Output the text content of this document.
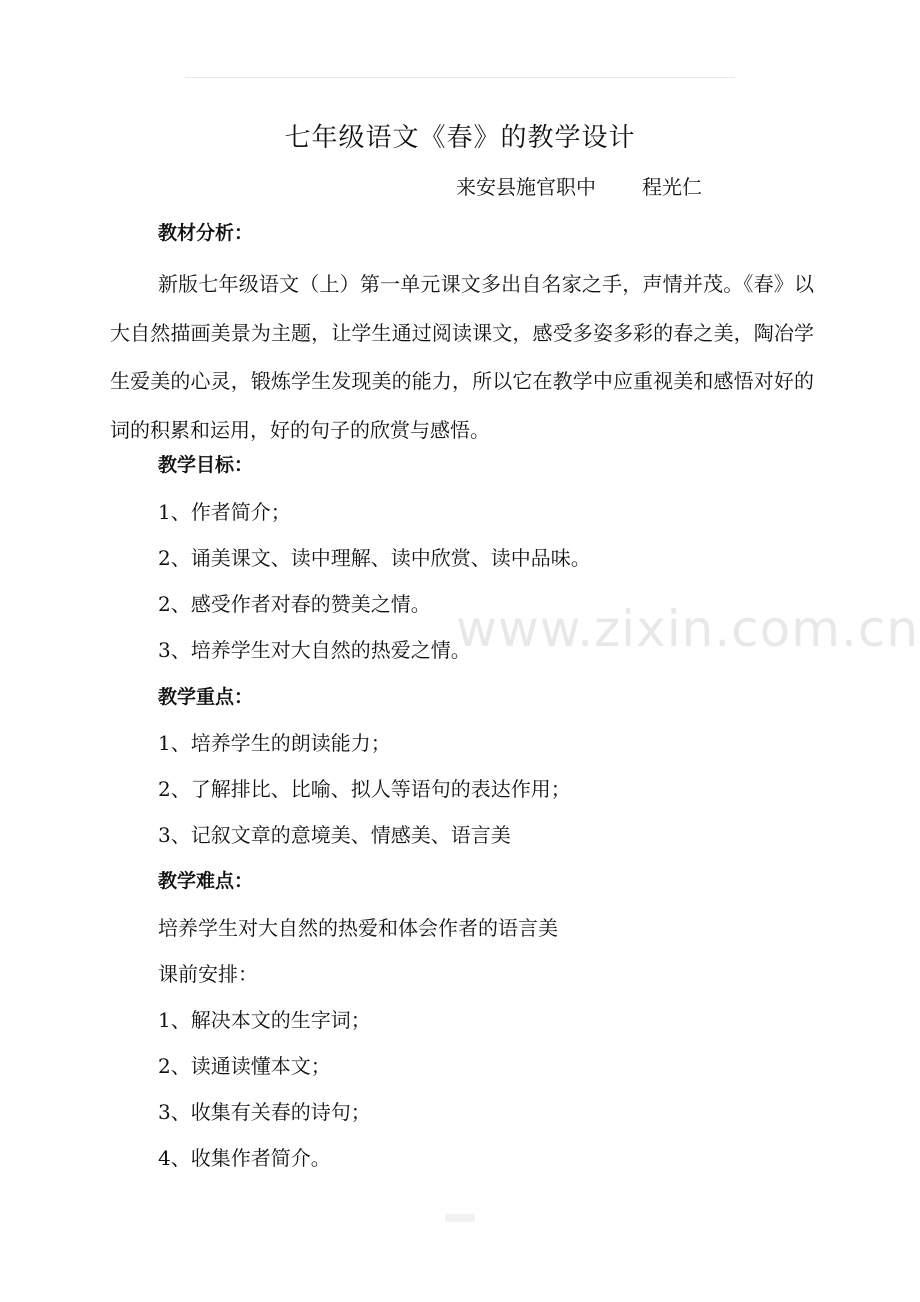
七年级语文《春》的教学设计
来安县施官职中 程光仁
教材分析：
新版七年级语文（上）第一单元课文多出自名家之手，声情并茂。《春》以大自然描画美景为主题，让学生通过阅读课文，感受多姿多彩的春之美，陶冶学生爱美的心灵，锻炼学生发现美的能力，所以它在教学中应重视美和感悟对好的词的积累和运用，好的句子的欣赏与感悟。
教学目标：
1、作者简介；
2、诵美课文、读中理解、读中欣赏、读中品味。
2、感受作者对春的赞美之情。
3、培养学生对大自然的热爱之情。
教学重点：
1、培养学生的朗读能力；
2、了解排比、比喻、拟人等语句的表达作用；
3、记叙文章的意境美、情感美、语言美
教学难点：
培养学生对大自然的热爱和体会作者的语言美
课前安排：
1、解决本文的生字词；
2、读通读懂本文；
3、收集有关春的诗句；
4、收集作者简介。
www.zixin.com.cn
